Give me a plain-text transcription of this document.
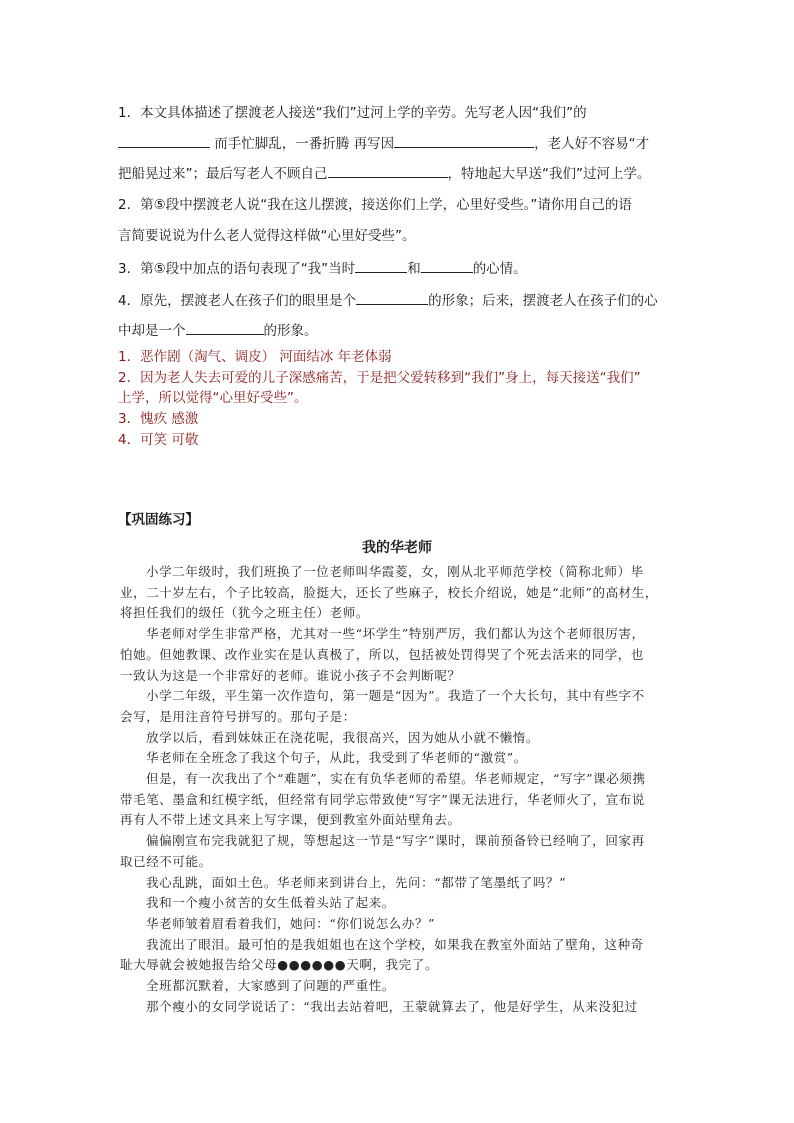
1．本文具体描述了摆渡老人接送“我们”过河上学的辛劳。先写老人因“我们”的
而手忙脚乱，一番折腾 再写因	，老人好不容易“才
把船晃过来”；最后写老人不顾自己	，特地起大早送“我们”过河上学。
2．第⑤段中摆渡老人说“我在这儿摆渡，接送你们上学，心里好受些。”请你用自己的语
言简要说说为什么老人觉得这样做“心里好受些”。
3．第⑤段中加点的语句表现了“我”当时	和	的心情。
4．原先，摆渡老人在孩子们的眼里是个	的形象；后来，摆渡老人在孩子们的心
中却是一个	的形象。
1．恶作剧（淘气、调皮） 河面结冰 年老体弱
2．因为老人失去可爱的儿子深感痛苦，于是把父爱转移到“我们”身上，每天接送“我们”
上学，所以觉得“心里好受些”。
3．愧疚 感激
4．可笑 可敬
【巩固练习】
我的华老师
小学二年级时，我们班换了一位老师叫华霞菱，女，刚从北平师范学校（简称北师）毕
业，二十岁左右，个子比较高，脸挺大，还长了些麻子，校长介绍说，她是“北师”的高材生，
将担任我们的级任（犹今之班主任）老师。
华老师对学生非常严格，尤其对一些“坏学生”特别严厉，我们都认为这个老师很厉害，
怕她。但她教课、改作业实在是认真极了，所以，包括被处罚得哭了个死去活来的同学，也
一致认为这是一个非常好的老师。谁说小孩子不会判断呢？
小学二年级，平生第一次作造句，第一题是“因为”。我造了一个大长句，其中有些字不
会写，是用注音符号拼写的。那句子是：
放学以后，看到妹妹正在浇花呢，我很高兴，因为她从小就不懒惰。
华老师在全班念了我这个句子，从此，我受到了华老师的“激赏”。
但是，有一次我出了个“难题”，实在有负华老师的希望。华老师规定，“写字”课必须携
带毛笔、墨盒和红模字纸，但经常有同学忘带致使“写字”课无法进行，华老师火了，宣布说
再有人不带上述文具来上写字课，便到教室外面站壁角去。
偏偏刚宣布完我就犯了规，等想起这一节是“写字”课时，课前预备铃已经响了，回家再
取已经不可能。
我心乱跳，面如土色。华老师来到讲台上，先问：“都带了笔墨纸了吗？”
我和一个瘦小贫苦的女生低着头站了起来。
华老师皱着眉看着我们，她问：“你们说怎么办？”
我流出了眼泪。最可怕的是我姐姐也在这个学校，如果我在教室外面站了壁角，这种奇
耻大辱就会被她报告给父母●●●●●●天啊，我完了。
全班都沉默着，大家感到了问题的严重性。
那个瘦小的女同学说话了：“我出去站着吧，王蒙就算去了，他是好学生，从来没犯过
